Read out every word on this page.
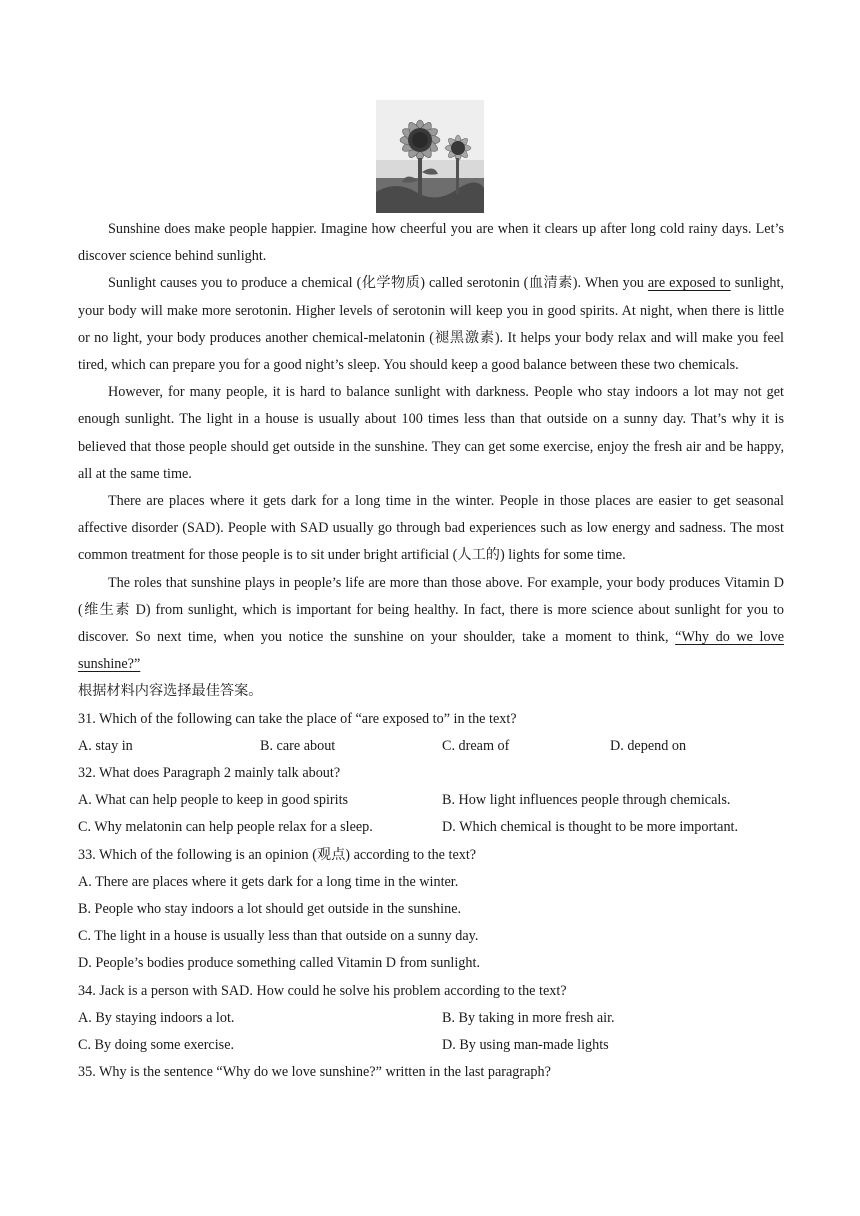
Sunshine does make people happier. Imagine how cheerful you are when it clears up after long cold rainy days. Let’s discover science behind sunlight.

Sunlight causes you to produce a chemical (化学物质) called serotonin (血清素). When you are exposed to sunlight, your body will make more serotonin. Higher levels of serotonin will keep you in good spirits. At night, when there is little or no light, your body produces another chemical-melatonin (褪黑激素). It helps your body relax and will make you feel tired, which can prepare you for a good night’s sleep. You should keep a good balance between these two chemicals.

However, for many people, it is hard to balance sunlight with darkness. People who stay indoors a lot may not get enough sunlight. The light in a house is usually about 100 times less than that outside on a sunny day. That’s why it is believed that those people should get outside in the sunshine. They can get some exercise, enjoy the fresh air and be happy, all at the same time.

There are places where it gets dark for a long time in the winter. People in those places are easier to get seasonal affective disorder (SAD). People with SAD usually go through bad experiences such as low energy and sadness. The most common treatment for those people is to sit under bright artificial (人工的) lights for some time.

The roles that sunshine plays in people’s life are more than those above. For example, your body produces Vitamin D (维生素 D) from sunlight, which is important for being healthy. In fact, there is more science about sunlight for you to discover. So next time, when you notice the sunshine on your shoulder, take a moment to think, “Why do we love sunshine?”

根据材料内容选择最佳答案。

31. Which of the following can take the place of “are exposed to” in the text?

A. stay in	B. care about	C. dream of	D. depend on

32. What does Paragraph 2 mainly talk about?

A. What can help people to keep in good spirits	B. How light influences people through chemicals.
C. Why melatonin can help people relax for a sleep.	D. Which chemical is thought to be more important.

33. Which of the following is an opinion (观点) according to the text?

A. There are places where it gets dark for a long time in the winter.

B. People who stay indoors a lot should get outside in the sunshine.

C. The light in a house is usually less than that outside on a sunny day.

D. People’s bodies produce something called Vitamin D from sunlight.

34. Jack is a person with SAD. How could he solve his problem according to the text?

A. By staying indoors a lot.	B. By taking in more fresh air.
C. By doing some exercise.	D. By using man-made lights

35. Why is the sentence “Why do we love sunshine?” written in the last paragraph?
